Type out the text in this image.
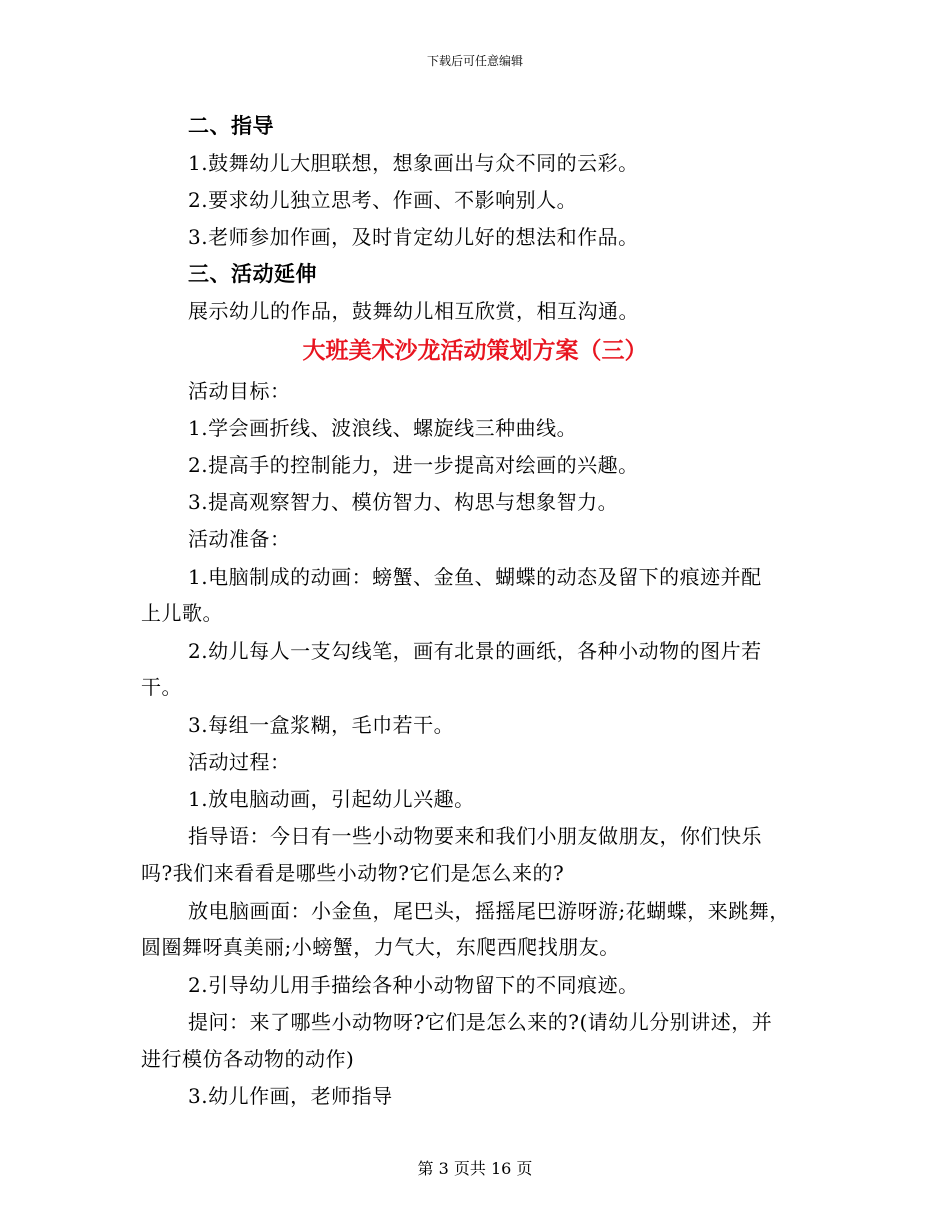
下载后可任意编辑
二、指导
1.鼓舞幼儿大胆联想，想象画出与众不同的云彩。
2.要求幼儿独立思考、作画、不影响别人。
3.老师参加作画，及时肯定幼儿好的想法和作品。
三、活动延伸
展示幼儿的作品，鼓舞幼儿相互欣赏，相互沟通。
大班美术沙龙活动策划方案（三）
活动目标：
1.学会画折线、波浪线、螺旋线三种曲线。
2.提高手的控制能力，进一步提高对绘画的兴趣。
3.提高观察智力、模仿智力、构思与想象智力。
活动准备：
1.电脑制成的动画：螃蟹、金鱼、蝴蝶的动态及留下的痕迹并配
上儿歌。
2.幼儿每人一支勾线笔，画有北景的画纸，各种小动物的图片若
干。
3.每组一盒浆糊，毛巾若干。
活动过程：
1.放电脑动画，引起幼儿兴趣。
指导语：今日有一些小动物要来和我们小朋友做朋友，你们快乐
吗?我们来看看是哪些小动物?它们是怎么来的?
放电脑画面：小金鱼，尾巴头，摇摇尾巴游呀游;花蝴蝶，来跳舞，
圆圈舞呀真美丽;小螃蟹，力气大，东爬西爬找朋友。
2.引导幼儿用手描绘各种小动物留下的不同痕迹。
提问：来了哪些小动物呀?它们是怎么来的?(请幼儿分别讲述，并
进行模仿各动物的动作)
3.幼儿作画，老师指导
第 3 页共 16 页
